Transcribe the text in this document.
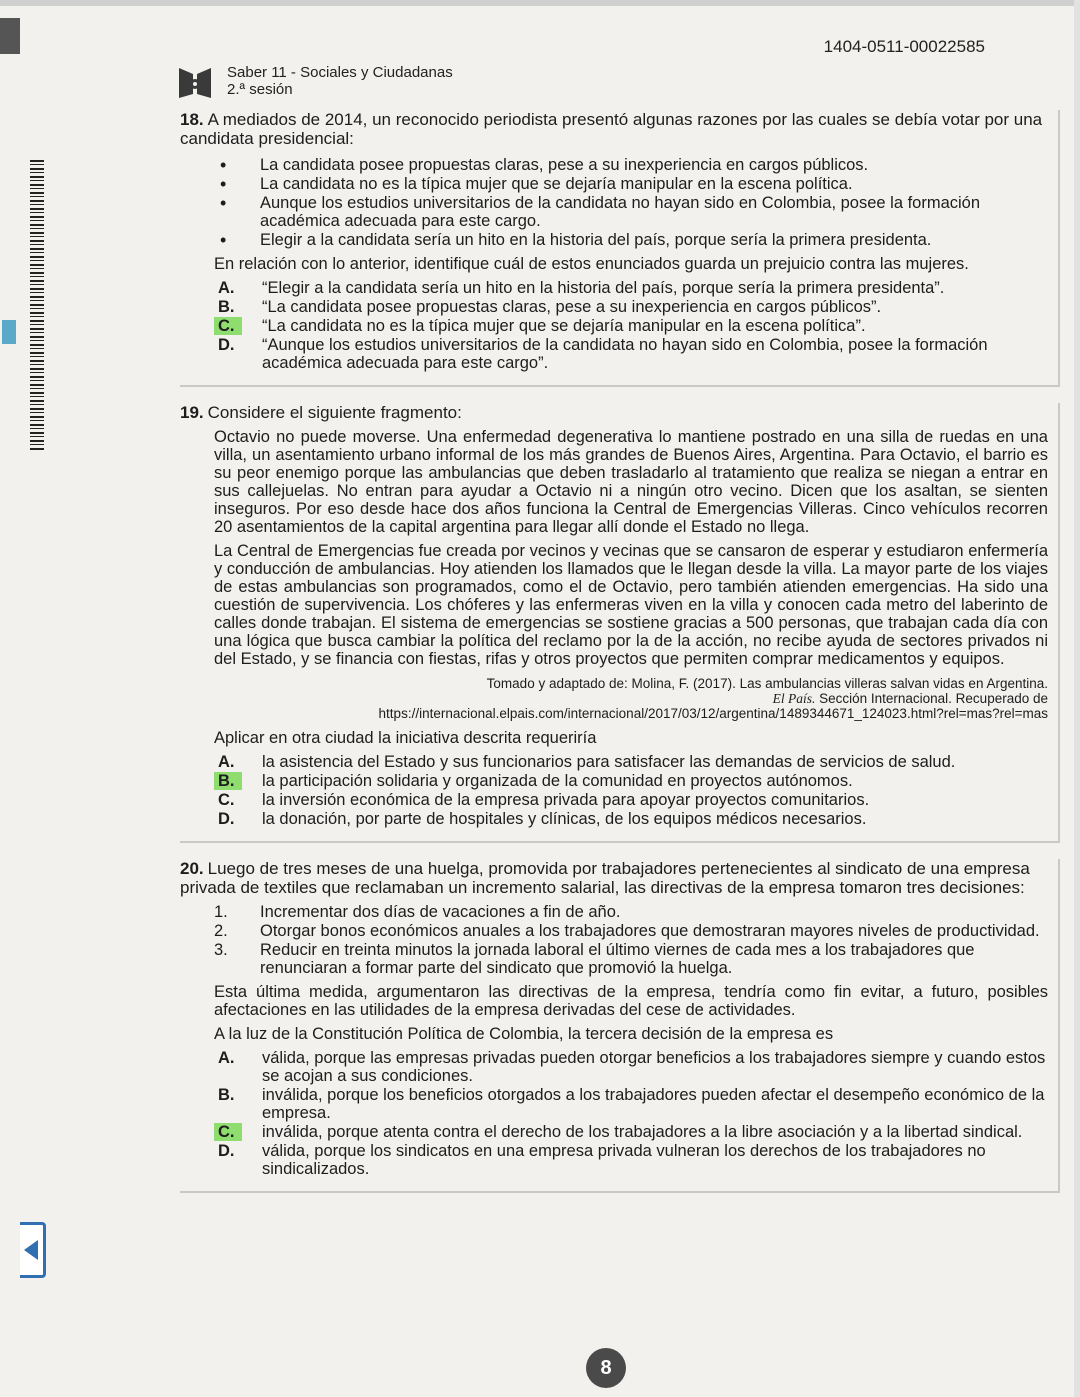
1404-0511-00022585
Saber 11 - Sociales y Ciudadanas
2.ª sesión

18. A mediados de 2014, un reconocido periodista presentó algunas razones por las cuales se debía votar por una candidata presidencial:

• La candidata posee propuestas claras, pese a su inexperiencia en cargos públicos.
• La candidata no es la típica mujer que se dejaría manipular en la escena política.
• Aunque los estudios universitarios de la candidata no hayan sido en Colombia, posee la formación académica adecuada para este cargo.
• Elegir a la candidata sería un hito en la historia del país, porque sería la primera presidenta.

En relación con lo anterior, identifique cuál de estos enunciados guarda un prejuicio contra las mujeres.

A.	“Elegir a la candidata sería un hito en la historia del país, porque sería la primera presidenta”.
B.	“La candidata posee propuestas claras, pese a su inexperiencia en cargos públicos”.
C.	“La candidata no es la típica mujer que se dejaría manipular en la escena política”.
D.	“Aunque los estudios universitarios de la candidata no hayan sido en Colombia, posee la formación académica adecuada para este cargo”.

19. Considere el siguiente fragmento:

Octavio no puede moverse. Una enfermedad degenerativa lo mantiene postrado en una silla de ruedas en una villa, un asentamiento urbano informal de los más grandes de Buenos Aires, Argentina. Para Octavio, el barrio es su peor enemigo porque las ambulancias que deben trasladarlo al tratamiento que realiza se niegan a entrar en sus callejuelas. No entran para ayudar a Octavio ni a ningún otro vecino. Dicen que los asaltan, se sienten inseguros. Por eso desde hace dos años funciona la Central de Emergencias Villeras. Cinco vehículos recorren 20 asentamientos de la capital argentina para llegar allí donde el Estado no llega.

La Central de Emergencias fue creada por vecinos y vecinas que se cansaron de esperar y estudiaron enfermería y conducción de ambulancias. Hoy atienden los llamados que le llegan desde la villa. La mayor parte de los viajes de estas ambulancias son programados, como el de Octavio, pero también atienden emergencias. Ha sido una cuestión de supervivencia. Los chóferes y las enfermeras viven en la villa y conocen cada metro del laberinto de calles donde trabajan. El sistema de emergencias se sostiene gracias a 500 personas, que trabajan cada día con una lógica que busca cambiar la política del reclamo por la de la acción, no recibe ayuda de sectores privados ni del Estado, y se financia con fiestas, rifas y otros proyectos que permiten comprar medicamentos y equipos.

Tomado y adaptado de: Molina, F. (2017). Las ambulancias villeras salvan vidas en Argentina.
El País. Sección Internacional. Recuperado de
https://internacional.elpais.com/internacional/2017/03/12/argentina/1489344671_124023.html?rel=mas?rel=mas

Aplicar en otra ciudad la iniciativa descrita requeriría

A.	la asistencia del Estado y sus funcionarios para satisfacer las demandas de servicios de salud.
B.	la participación solidaria y organizada de la comunidad en proyectos autónomos.
C.	la inversión económica de la empresa privada para apoyar proyectos comunitarios.
D.	la donación, por parte de hospitales y clínicas, de los equipos médicos necesarios.

20. Luego de tres meses de una huelga, promovida por trabajadores pertenecientes al sindicato de una empresa privada de textiles que reclamaban un incremento salarial, las directivas de la empresa tomaron tres decisiones:

1. Incrementar dos días de vacaciones a fin de año.
2. Otorgar bonos económicos anuales a los trabajadores que demostraran mayores niveles de productividad.
3. Reducir en treinta minutos la jornada laboral el último viernes de cada mes a los trabajadores que renunciaran a formar parte del sindicato que promovió la huelga.

Esta última medida, argumentaron las directivas de la empresa, tendría como fin evitar, a futuro, posibles afectaciones en las utilidades de la empresa derivadas del cese de actividades.

A la luz de la Constitución Política de Colombia, la tercera decisión de la empresa es

A.	válida, porque las empresas privadas pueden otorgar beneficios a los trabajadores siempre y cuando estos se acojan a sus condiciones.
B.	inválida, porque los beneficios otorgados a los trabajadores pueden afectar el desempeño económico de la empresa.
C.	inválida, porque atenta contra el derecho de los trabajadores a la libre asociación y a la libertad sindical.
D.	válida, porque los sindicatos en una empresa privada vulneran los derechos de los trabajadores no sindicalizados.
8
